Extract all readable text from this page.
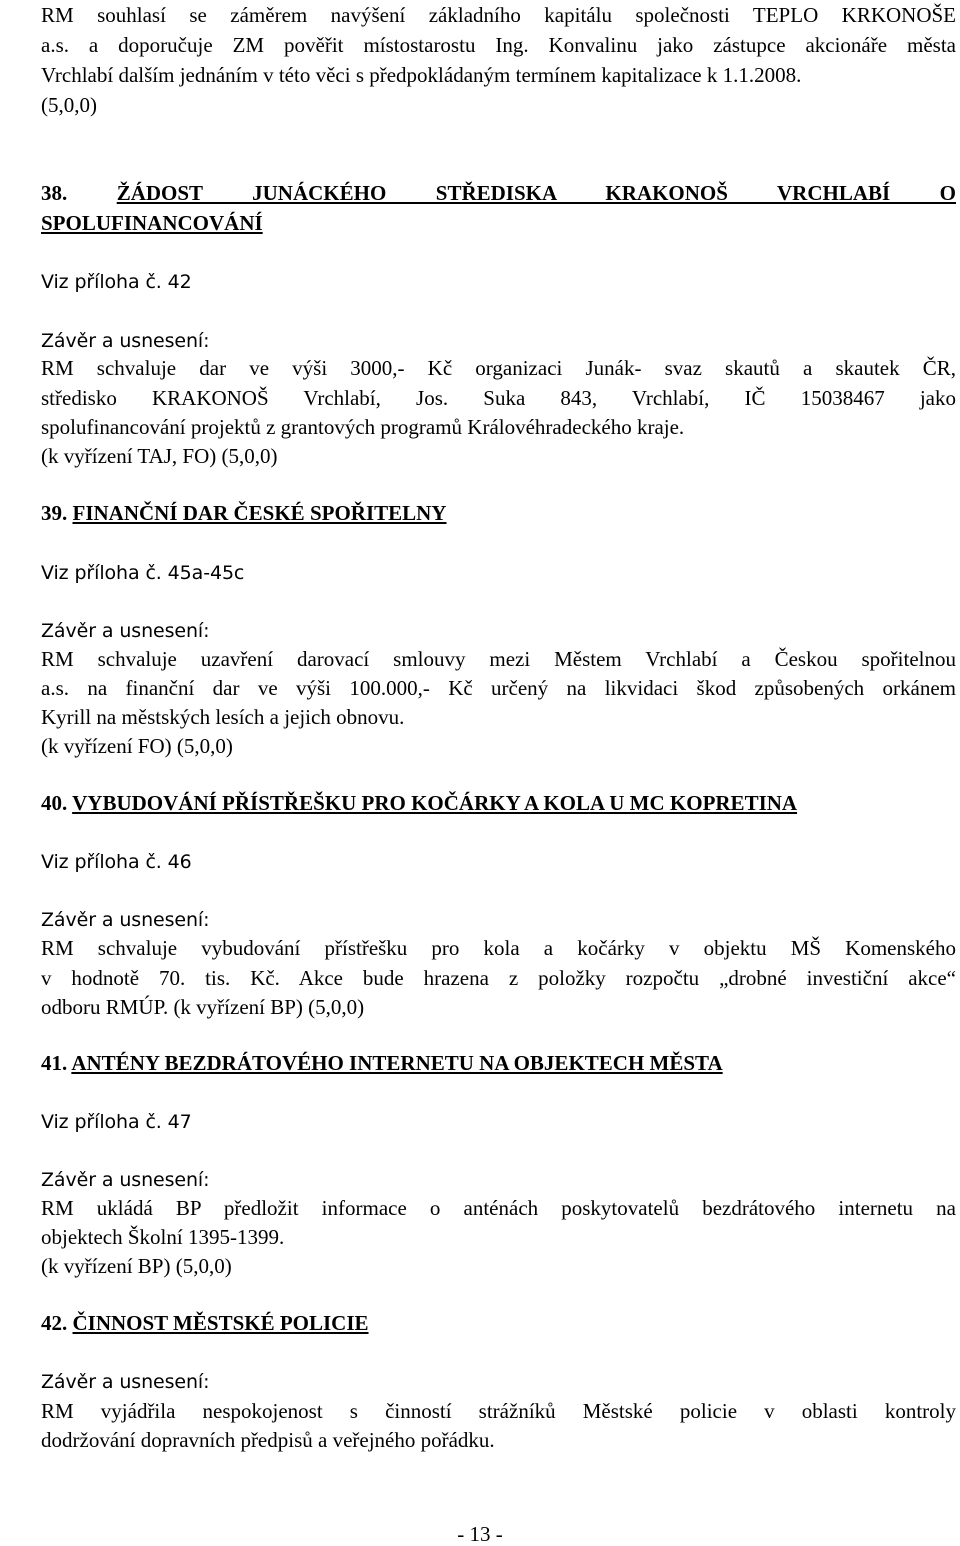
RM souhlasí se záměrem navýšení základního kapitálu společnosti TEPLO KRKONOŠE
a.s. a doporučuje ZM pověřit místostarostu Ing. Konvalinu jako zástupce akcionáře města
Vrchlabí dalším jednáním v této věci s předpokládaným termínem kapitalizace k 1.1.2008.
(5,0,0)
38. ŽÁDOST JUNÁCKÉHO STŘEDISKA KRAKONOŠ VRCHLABÍ O
SPOLUFINANCOVÁNÍ
Viz příloha č. 42
Závěr a usnesení:
RM schvaluje dar ve výši 3000,- Kč organizaci Junák- svaz skautů a skautek ČR,
středisko KRAKONOŠ Vrchlabí, Jos. Suka 843, Vrchlabí, IČ 15038467 jako
spolufinancování projektů z grantových programů Královéhradeckého kraje.
(k vyřízení TAJ, FO) (5,0,0)
39. FINANČNÍ DAR ČESKÉ SPOŘITELNY
Viz příloha č. 45a-45c
Závěr a usnesení:
RM schvaluje uzavření darovací smlouvy mezi Městem Vrchlabí a Českou spořitelnou
a.s. na finanční dar ve výši 100.000,- Kč určený na likvidaci škod způsobených orkánem
Kyrill na městských lesích a jejich obnovu.
(k vyřízení FO) (5,0,0)
40. VYBUDOVÁNÍ PŘÍSTŘEŠKU PRO KOČÁRKY A KOLA U MC KOPRETINA
Viz příloha č. 46
Závěr a usnesení:
RM schvaluje vybudování přístřešku pro kola a kočárky v objektu MŠ Komenského
v hodnotě 70. tis. Kč. Akce bude hrazena z položky rozpočtu „drobné investiční akce“
odboru RMÚP. (k vyřízení BP) (5,0,0)
41. ANTÉNY BEZDRÁTOVÉHO INTERNETU NA OBJEKTECH MĚSTA
Viz příloha č. 47
Závěr a usnesení:
RM ukládá BP předložit informace o anténách poskytovatelů bezdrátového internetu na
objektech Školní 1395-1399.
(k vyřízení BP) (5,0,0)
42. ČINNOST MĚSTSKÉ POLICIE
Závěr a usnesení:
RM vyjádřila nespokojenost s činností strážníků Městské policie v oblasti kontroly
dodržování dopravních předpisů a veřejného pořádku.
- 13 -
